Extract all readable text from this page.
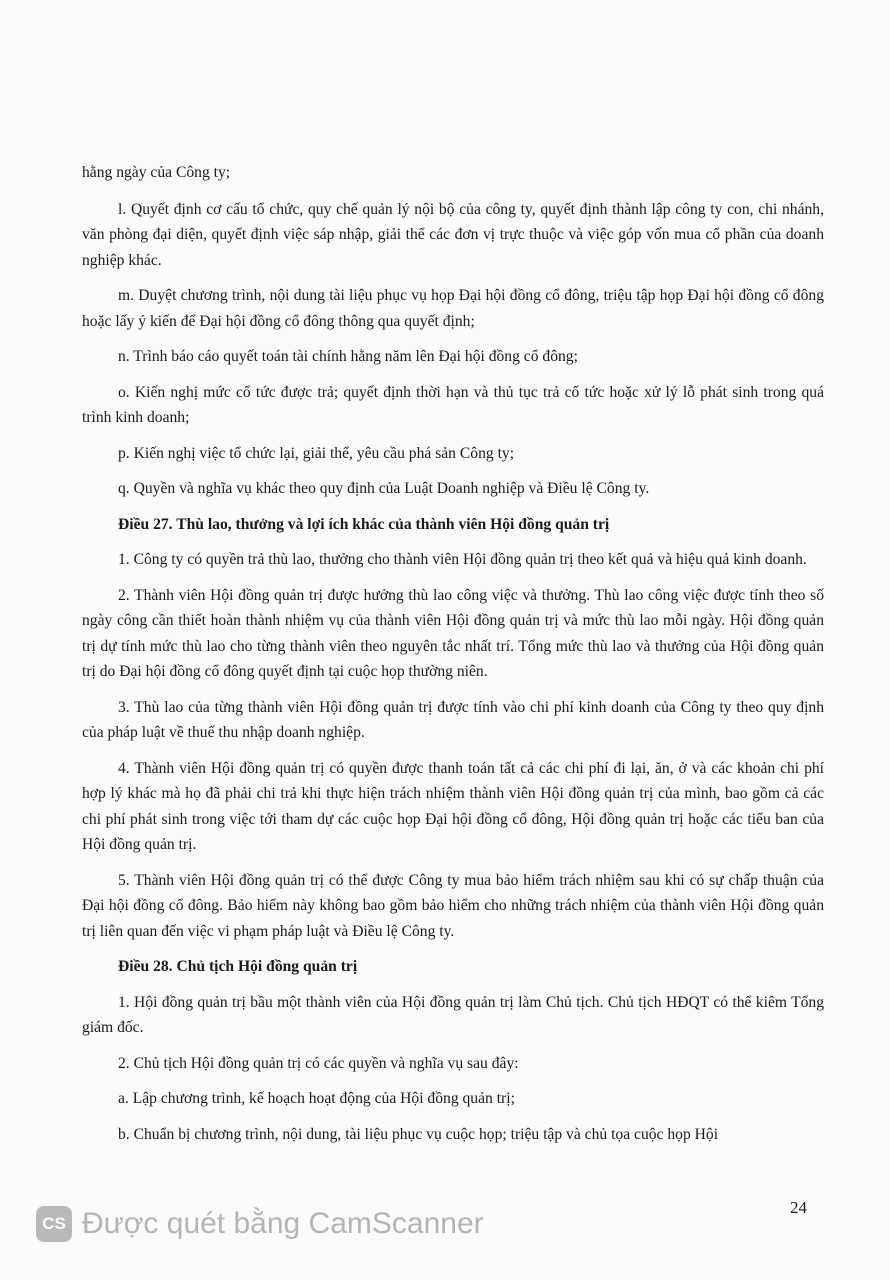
hằng ngày của Công ty;

l. Quyết định cơ cấu tổ chức, quy chế quản lý nội bộ của công ty, quyết định thành lập công ty con, chi nhánh, văn phòng đại diện, quyết định việc sáp nhập, giải thể các đơn vị trực thuộc và việc góp vốn mua cổ phần của doanh nghiệp khác.

m. Duyệt chương trình, nội dung tài liệu phục vụ họp Đại hội đồng cổ đông, triệu tập họp Đại hội đồng cổ đông hoặc lấy ý kiến để Đại hội đồng cổ đông thông qua quyết định;

n. Trình báo cáo quyết toán tài chính hằng năm lên Đại hội đồng cổ đông;

o. Kiến nghị mức cổ tức được trả; quyết định thời hạn và thủ tục trả cổ tức hoặc xử lý lỗ phát sinh trong quá trình kinh doanh;

p. Kiến nghị việc tổ chức lại, giải thể, yêu cầu phá sản Công ty;

q. Quyền và nghĩa vụ khác theo quy định của Luật Doanh nghiệp và Điều lệ Công ty.

Điều 27. Thù lao, thưởng và lợi ích khác của thành viên Hội đồng quản trị

1. Công ty có quyền trả thù lao, thưởng cho thành viên Hội đồng quản trị theo kết quả và hiệu quả kinh doanh.

2. Thành viên Hội đồng quản trị được hưởng thù lao công việc và thưởng. Thù lao công việc được tính theo số ngày công cần thiết hoàn thành nhiệm vụ của thành viên Hội đồng quản trị và mức thù lao mỗi ngày. Hội đồng quản trị dự tính mức thù lao cho từng thành viên theo nguyên tắc nhất trí. Tổng mức thù lao và thưởng của Hội đồng quản trị do Đại hội đồng cổ đông quyết định tại cuộc họp thường niên.

3. Thù lao của từng thành viên Hội đồng quản trị được tính vào chi phí kinh doanh của Công ty theo quy định của pháp luật về thuế thu nhập doanh nghiệp.

4. Thành viên Hội đồng quản trị có quyền được thanh toán tất cả các chi phí đi lại, ăn, ở và các khoản chi phí hợp lý khác mà họ đã phải chi trả khi thực hiện trách nhiệm thành viên Hội đồng quản trị của mình, bao gồm cả các chi phí phát sinh trong việc tới tham dự các cuộc họp Đại hội đồng cổ đông, Hội đồng quản trị hoặc các tiểu ban của Hội đồng quản trị.

5. Thành viên Hội đồng quản trị có thể được Công ty mua bảo hiểm trách nhiệm sau khi có sự chấp thuận của Đại hội đồng cổ đông. Bảo hiểm này không bao gồm bảo hiểm cho những trách nhiệm của thành viên Hội đồng quản trị liên quan đến việc vi phạm pháp luật và Điều lệ Công ty.

Điều 28. Chủ tịch Hội đồng quản trị

1. Hội đồng quản trị bầu một thành viên của Hội đồng quản trị làm Chủ tịch. Chủ tịch HĐQT có thể kiêm Tổng giám đốc.

2. Chủ tịch Hội đồng quản trị có các quyền và nghĩa vụ sau đây:

a. Lập chương trình, kế hoạch hoạt động của Hội đồng quản trị;

b. Chuẩn bị chương trình, nội dung, tài liệu phục vụ cuộc họp; triệu tập và chủ tọa cuộc họp Hội

24
CS Được quét bằng CamScanner
